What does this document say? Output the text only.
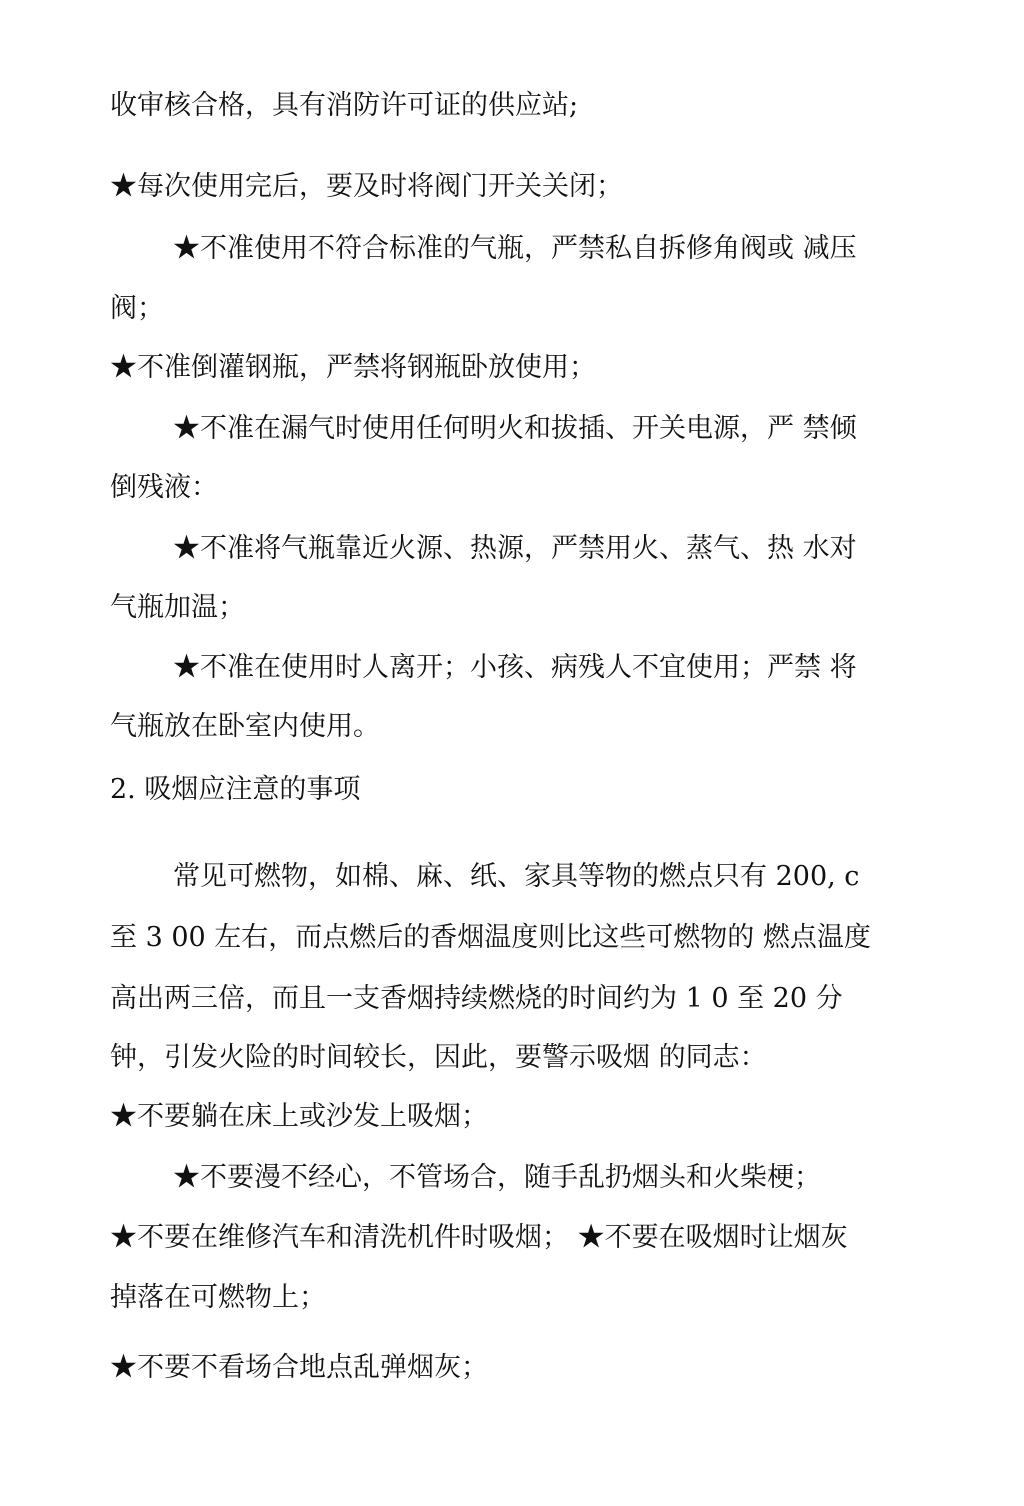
收审核合格，具有消防许可证的供应站;
★每次使用完后，要及时将阀门开关关闭；
★不准使用不符合标准的气瓶，严禁私自拆修角阀或 减压
阀；
★不准倒灌钢瓶，严禁将钢瓶卧放使用；
★不准在漏气时使用任何明火和拔插、开关电源，严 禁倾
倒残液：
★不准将气瓶靠近火源、热源，严禁用火、蒸气、热 水对
气瓶加温；
★不准在使用时人离开；小孩、病残人不宜使用；严禁 将
气瓶放在卧室内使用。
2. 吸烟应注意的事项
常见可燃物，如棉、麻、纸、家具等物的燃点只有 200, c
至 3 00 左右，而点燃后的香烟温度则比这些可燃物的 燃点温度
高出两三倍，而且一支香烟持续燃烧的时间约为 1 0 至 20 分
钟，引发火险的时间较长，因此，要警示吸烟 的同志：
★不要躺在床上或沙发上吸烟；
★不要漫不经心，不管场合，随手乱扔烟头和火柴梗；
★不要在维修汽车和清洗机件时吸烟； ★不要在吸烟时让烟灰
掉落在可燃物上；
★不要不看场合地点乱弹烟灰；
